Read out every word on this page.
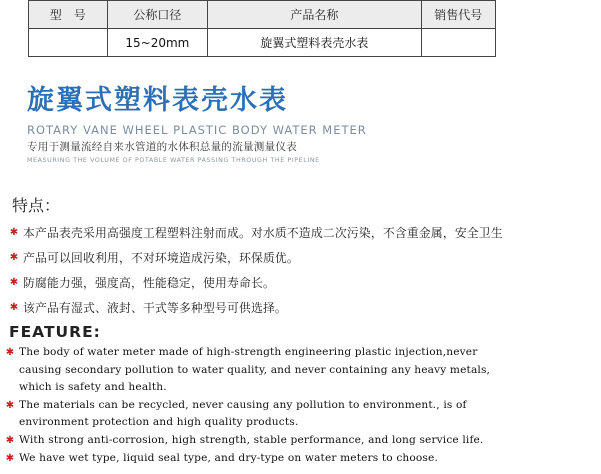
型　号	公称口径	产品名称	销售代号
	15~20mm	旋翼式塑料表壳水表	
旋翼式塑料表壳水表
ROTARY VANE WHEEL PLASTIC BODY WATER METER
专用于测量流经自来水管道的水体积总量的流量测量仪表
MEASURING THE VOLUME OF POTABLE WATER PASSING THROUGH THE PIPELINE
特点：
✱ 本产品表壳采用高强度工程塑料注射而成。对水质不造成二次污染，不含重金属，安全卫生
✱ 产品可以回收利用，不对环境造成污染，环保质优。
✱ 防腐能力强，强度高，性能稳定，使用寿命长。
✱ 该产品有湿式、液封、干式等多种型号可供选择。
FEATURE:
✱ The body of water meter made of high-strength engineering plastic injection,never
causing secondary pollution to water quality, and never containing any heavy metals,
which is safety and health.
✱ The materials can be recycled, never causing any pollution to environment., is of
environment protection and high quality products.
✱ With strong anti-corrosion, high strength, stable performance, and long service life.
✱ We have wet type, liquid seal type, and dry-type on water meters to choose.
